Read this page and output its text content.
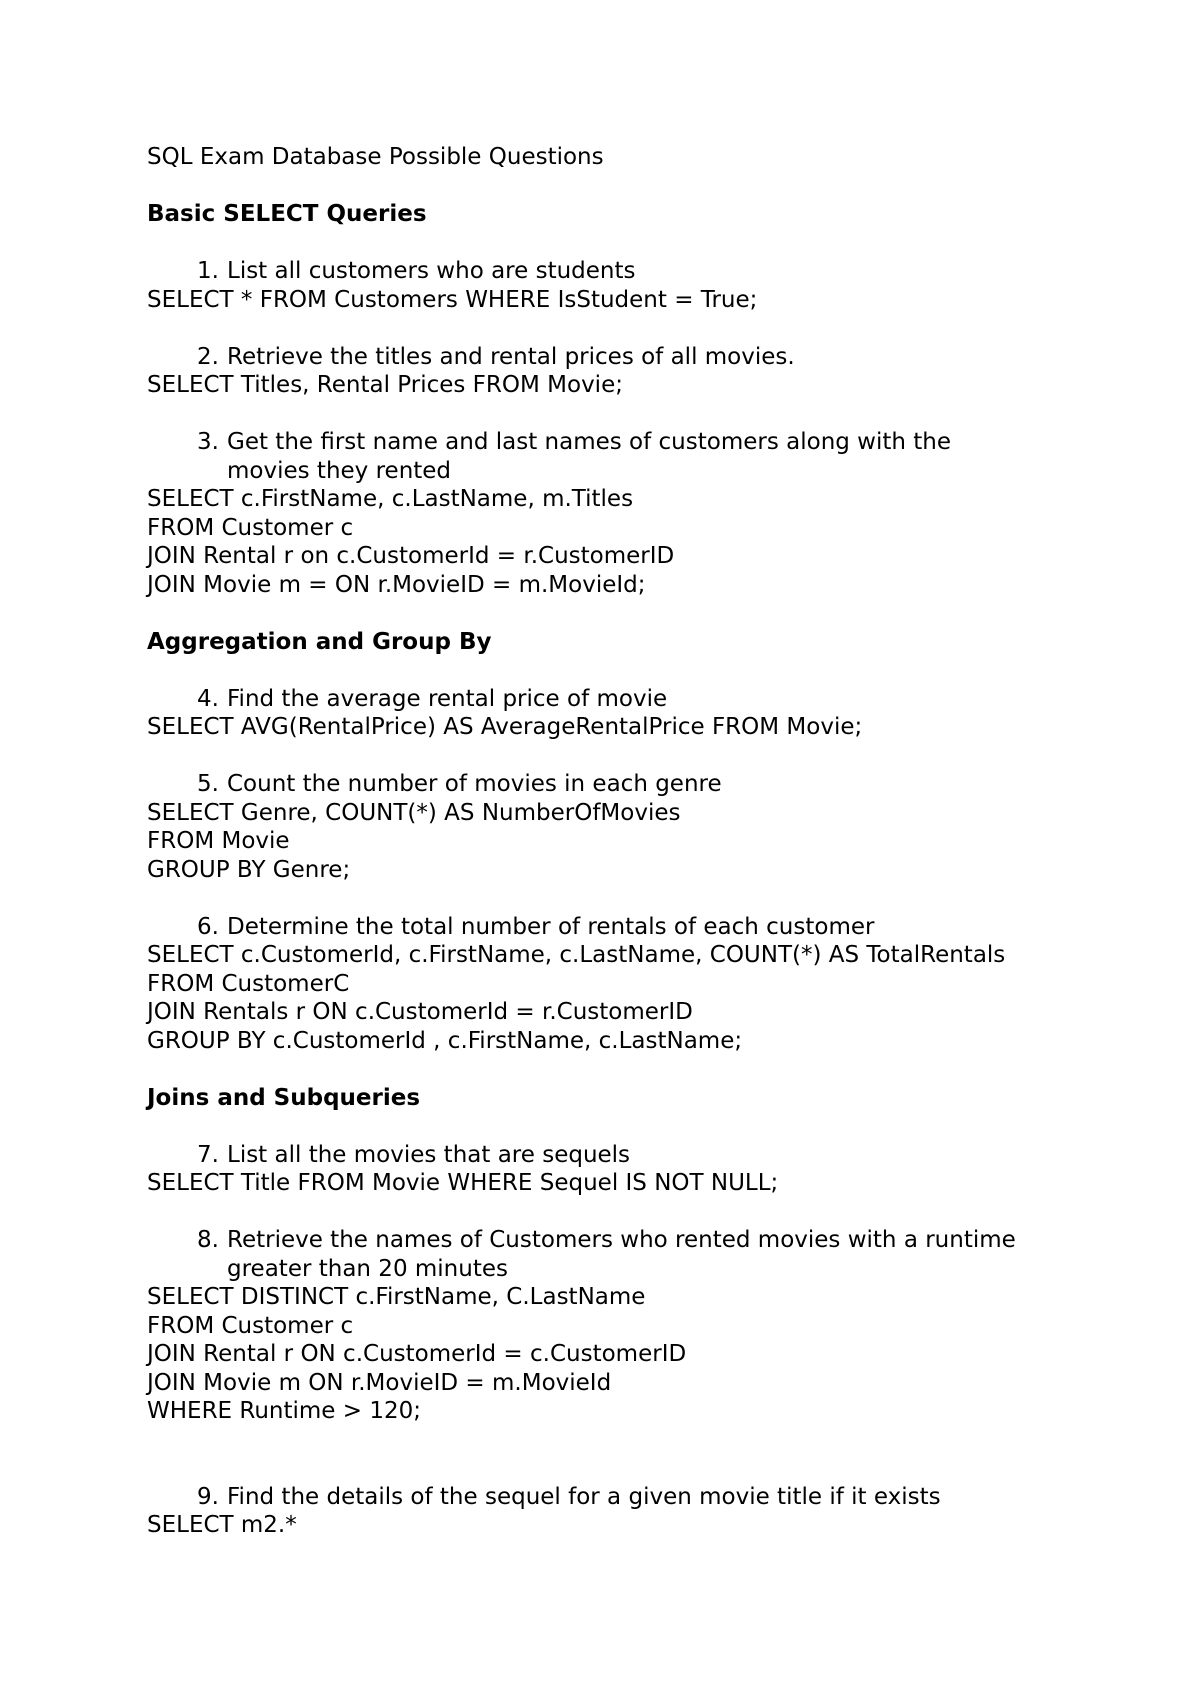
SQL Exam Database Possible Questions

Basic SELECT Queries

1. List all customers who are students

SELECT * FROM Customers WHERE IsStudent = True;

2. Retrieve the titles and rental prices of all movies.

SELECT Titles, Rental Prices FROM Movie;

3. Get the first name and last names of customers along with the movies they rented

SELECT c.FirstName, c.LastName, m.Titles

FROM Customer c

JOIN Rental r on c.CustomerId = r.CustomerID

JOIN Movie m = ON r.MovieID = m.MovieId;

Aggregation and Group By

4. Find the average rental price of movie

SELECT AVG(RentalPrice) AS AverageRentalPrice FROM Movie;

5. Count the number of movies in each genre

SELECT Genre, COUNT(*) AS NumberOfMovies

FROM Movie

GROUP BY Genre;

6. Determine the total number of rentals of each customer

SELECT c.CustomerId, c.FirstName, c.LastName, COUNT(*) AS TotalRentals

FROM CustomerC

JOIN Rentals r ON c.CustomerId = r.CustomerID

GROUP BY c.CustomerId , c.FirstName, c.LastName;

Joins and Subqueries

7. List all the movies that are sequels

SELECT Title FROM Movie WHERE Sequel IS NOT NULL;

8. Retrieve the names of Customers who rented movies with a runtime greater than 20 minutes

SELECT DISTINCT c.FirstName, C.LastName

FROM Customer c

JOIN Rental r ON c.CustomerId = c.CustomerID

JOIN Movie m ON r.MovieID = m.MovieId

WHERE Runtime > 120;

9. Find the details of the sequel for a given movie title if it exists

SELECT m2.*
